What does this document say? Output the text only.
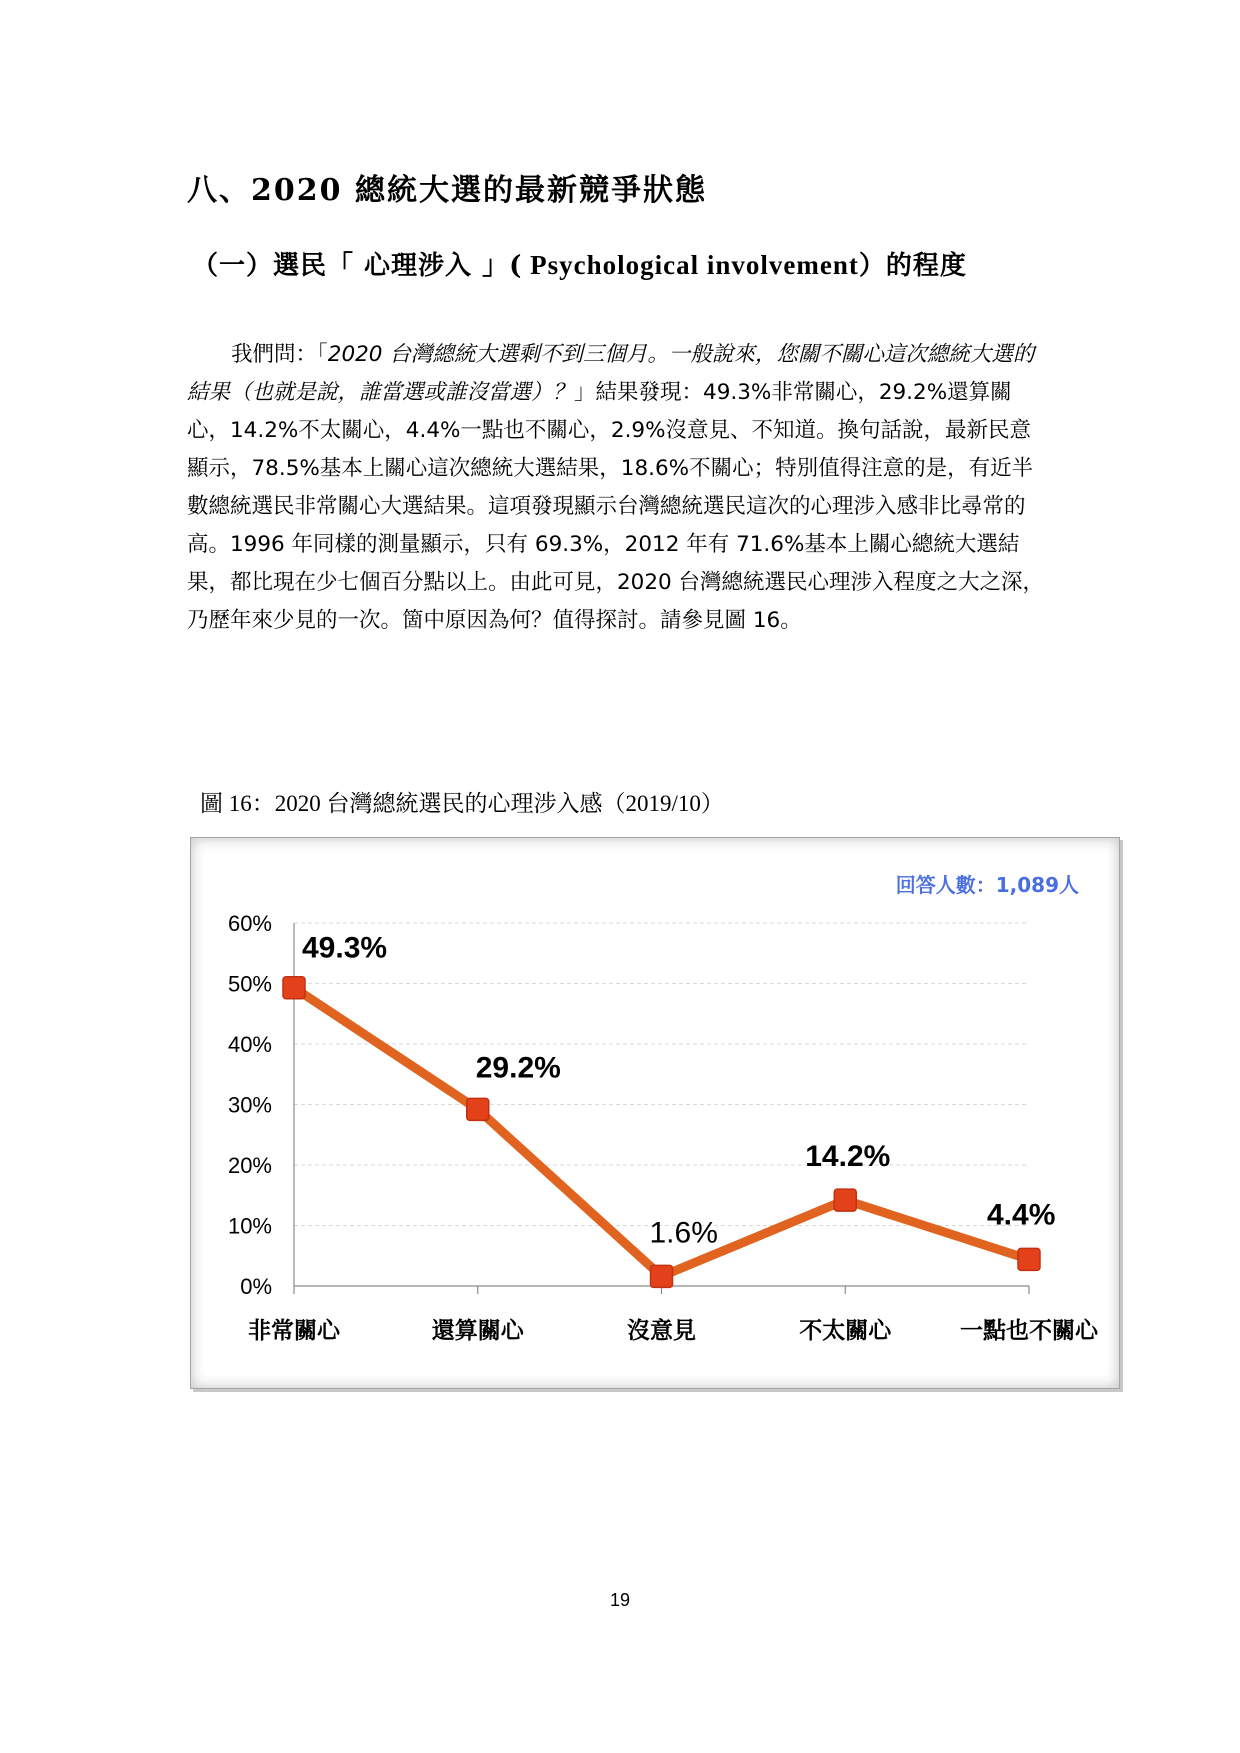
八、2020 總統大選的最新競爭狀態
（一）選民「 心理涉入 」( Psychological involvement）的程度

我們問：「2020 台灣總統大選剩不到三個月。一般說來，您關不關心這次總統大選的結果（也就是說，誰當選或誰沒當選）？」結果發現：49.3%非常關心，29.2%還算關心，14.2%不太關心，4.4%一點也不關心，2.9%沒意見、不知道。換句話說，最新民意顯示，78.5%基本上關心這次總統大選結果，18.6%不關心；特別值得注意的是，有近半數總統選民非常關心大選結果。這項發現顯示台灣總統選民這次的心理涉入感非比尋常的高。1996 年同樣的測量顯示，只有 69.3%，2012 年有 71.6%基本上關心總統大選結果，都比現在少七個百分點以上。由此可見，2020 台灣總統選民心理涉入程度之大之深，乃歷年來少見的一次。箇中原因為何？值得探討。請參見圖 16。

圖 16：2020 台灣總統選民的心理涉入感（2019/10）
0%
10%
20%
30%
40%
50%
60%
49.3%
29.2%
1.6%
14.2%
4.4%
非常關心	還算關心	沒意見	不太關心	一點也不關心
回答人數：1,089人
19
